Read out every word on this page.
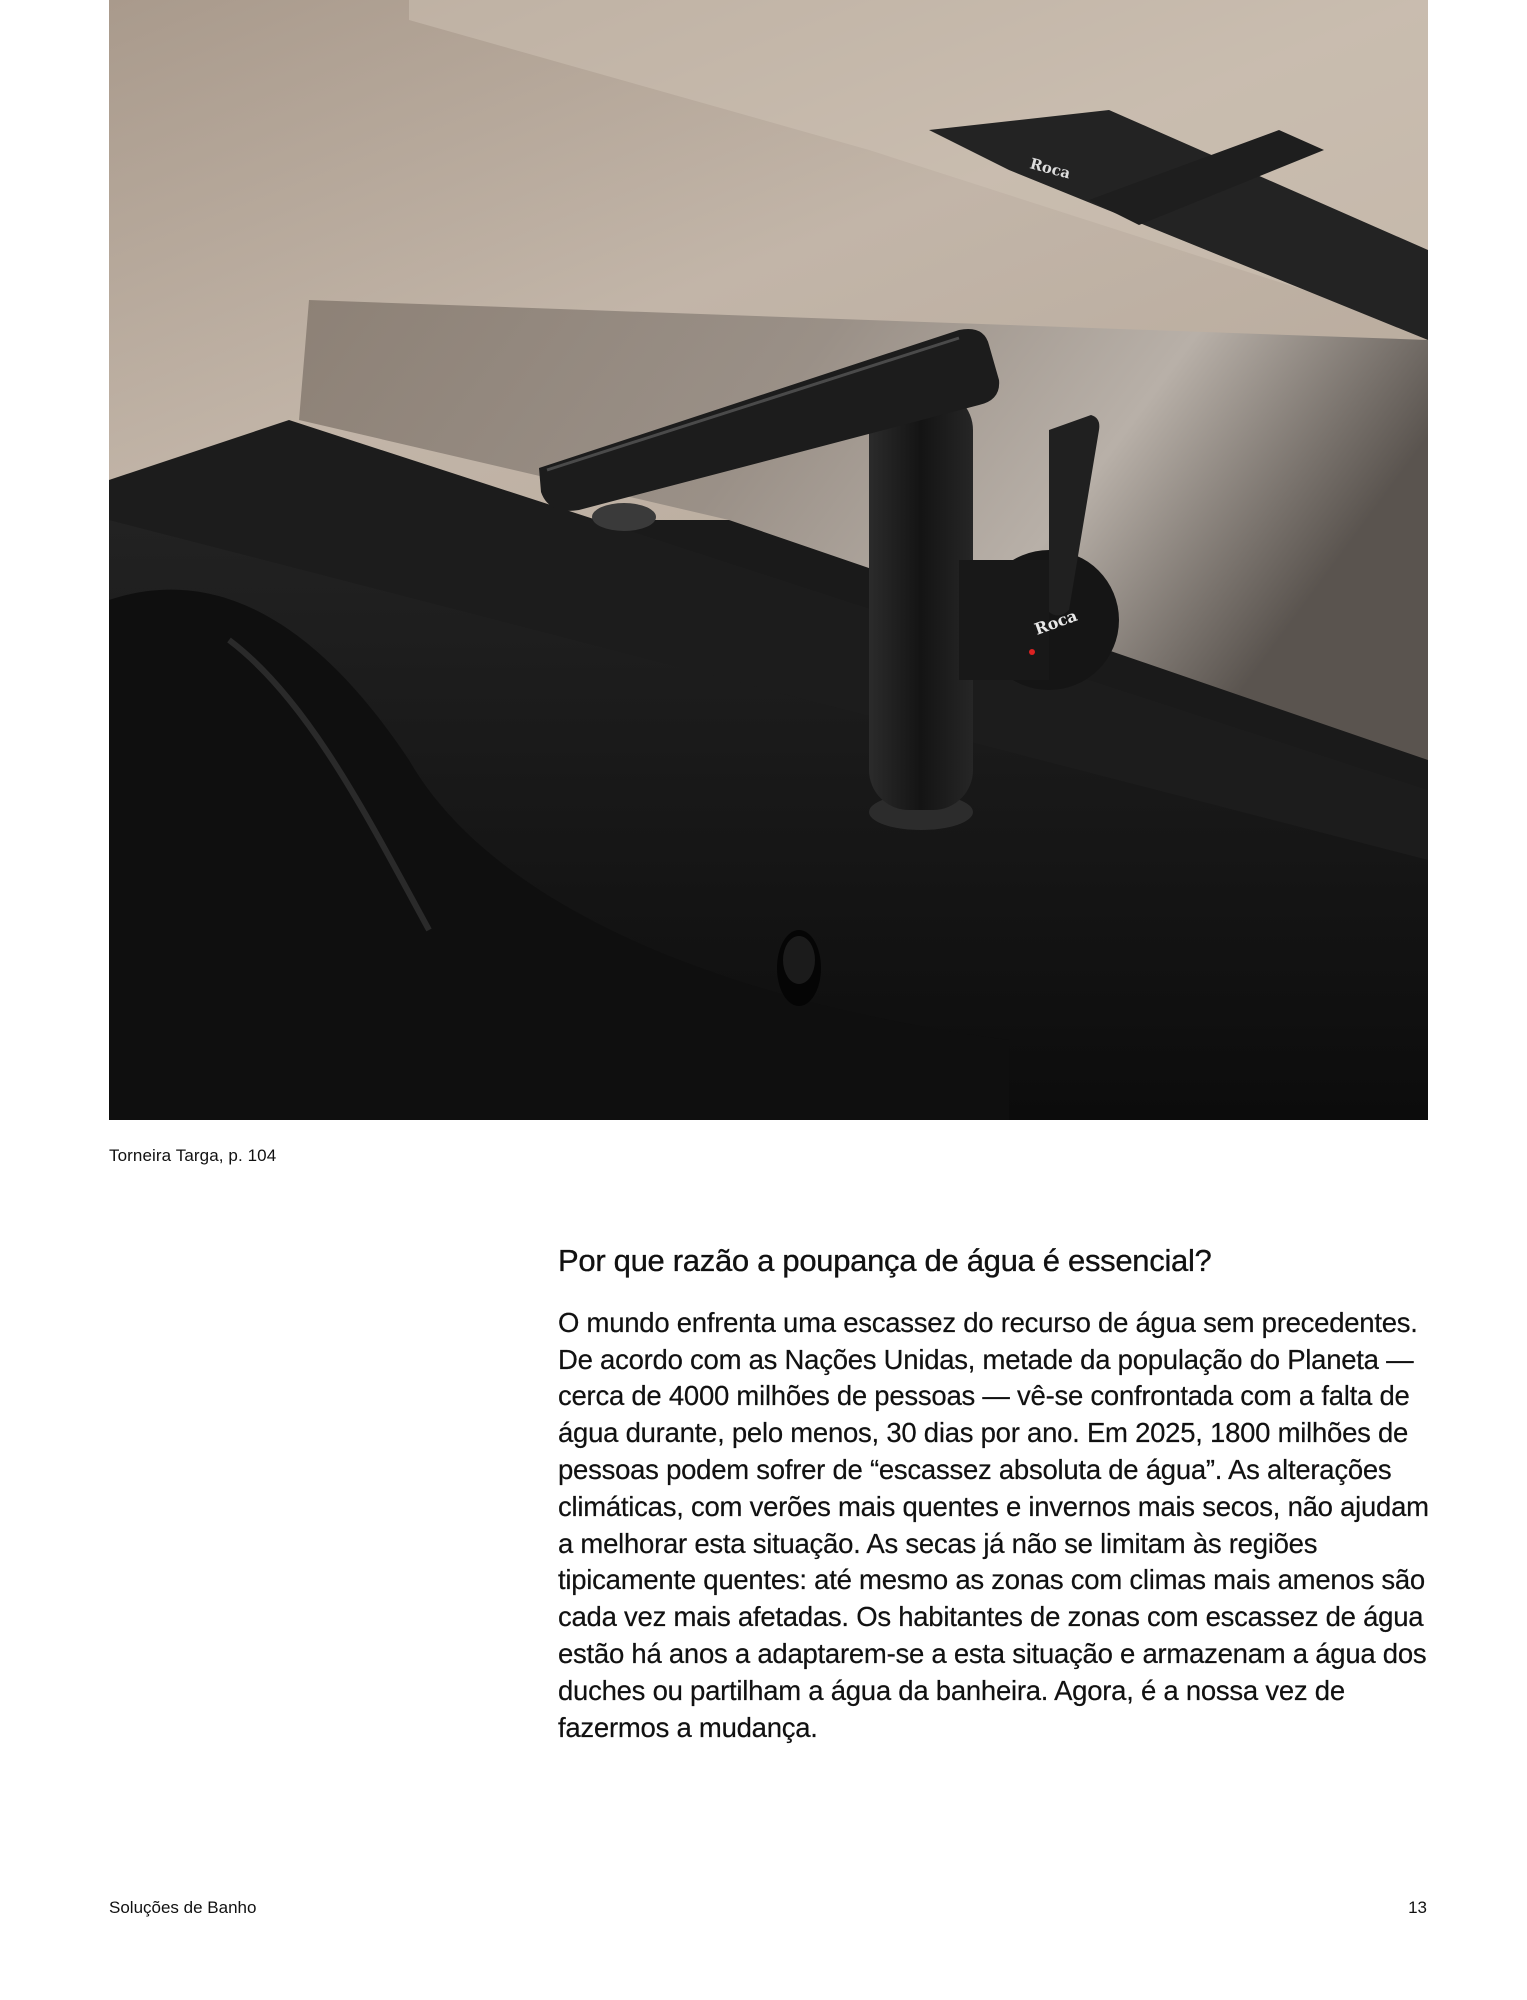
Roca
Roca
Torneira Targa, p. 104
Por que razão a poupança de água é essencial?

O mundo enfrenta uma escassez do recurso de água sem precedentes. De acordo com as Nações Unidas, metade da população do Planeta — cerca de 4000 milhões de pessoas — vê-se confrontada com a falta de água durante, pelo menos, 30 dias por ano. Em 2025, 1800 milhões de pessoas podem sofrer de “escassez absoluta de água”. As alterações climáticas, com verões mais quentes e invernos mais secos, não ajudam a melhorar esta situação. As secas já não se limitam às regiões tipicamente quentes: até mesmo as zonas com climas mais amenos são cada vez mais afetadas. Os habitantes de zonas com escassez de água estão há anos a adaptarem-se a esta situação e armazenam a água dos duches ou partilham a água da banheira. Agora, é a nossa vez de fazermos a mudança.

Soluções de Banho	13
